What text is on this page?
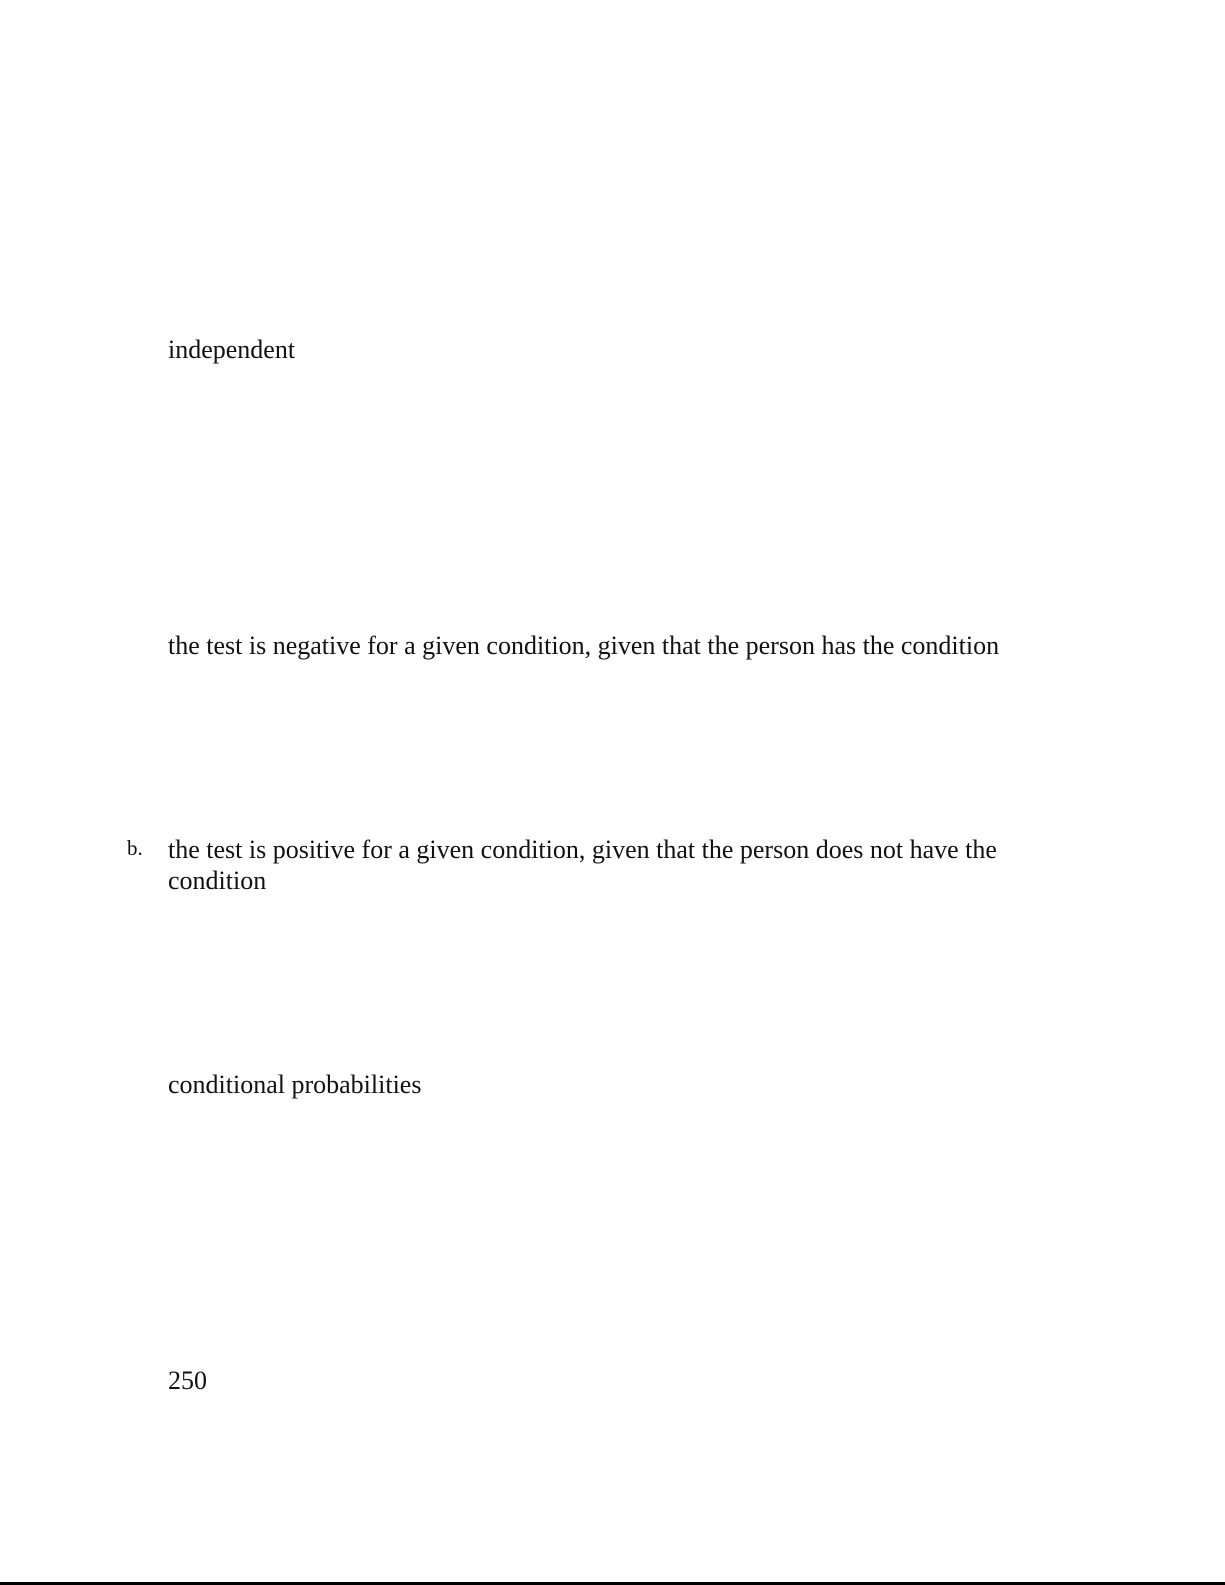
independent
the test is negative for a given condition, given that the person has the condition
b. the test is positive for a given condition, given that the person does not have the condition
conditional probabilities
250
